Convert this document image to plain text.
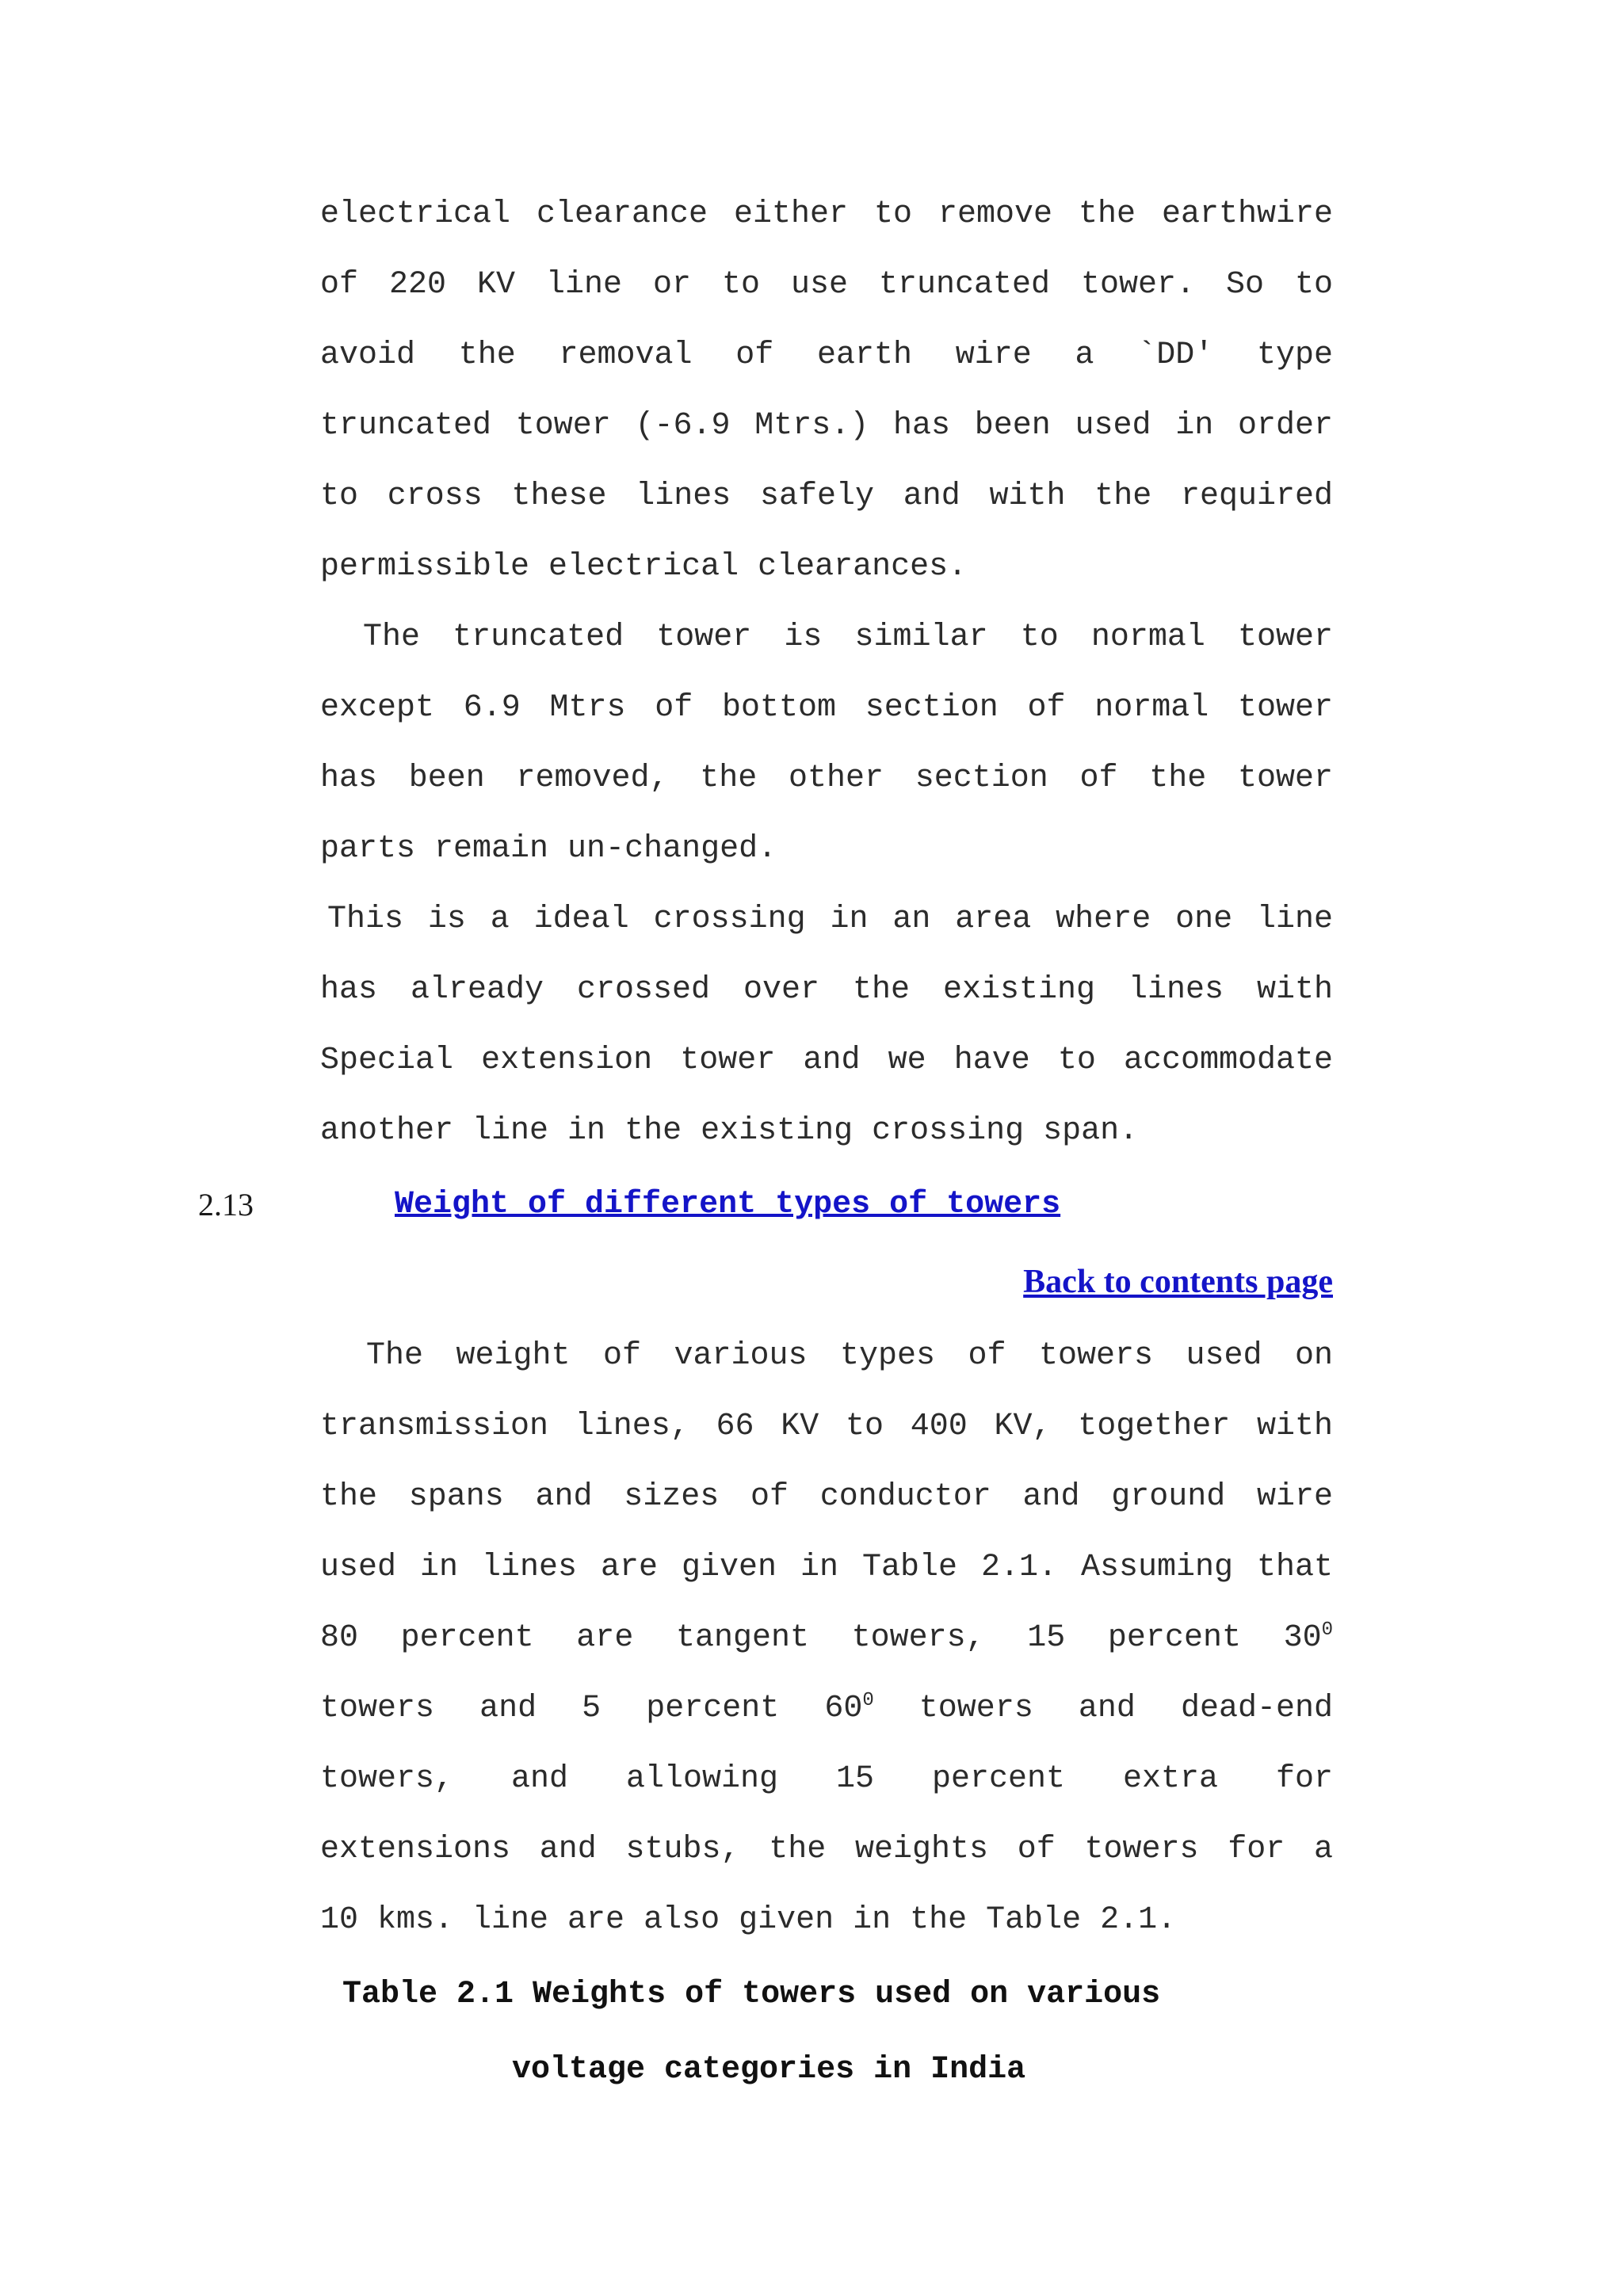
electrical clearance either to remove the earthwire
of 220 KV line or to use truncated tower. So to
avoid the removal of earth wire a `DD' type
truncated tower (-6.9 Mtrs.) has been used in order
to cross these lines safely and with the required
permissible electrical clearances.
The truncated tower is similar to normal tower
except 6.9 Mtrs of bottom section of normal tower
has been removed, the other section of the tower
parts remain un-changed.
This is a ideal crossing in an area where one line
has already crossed over the existing lines with
Special extension tower and we have to accommodate
another line in the existing crossing span.
2.13	Weight of different types of towers
Back to contents page
The weight of various types of towers used on
transmission lines, 66 KV to 400 KV, together with
the spans and sizes of conductor and ground wire
used in lines are given in Table 2.1. Assuming that
80 percent are tangent towers, 15 percent $30^0$
towers and 5 percent $60^0$ towers and dead-end
towers, and allowing 15 percent extra for
extensions and stubs, the weights of towers for a
10 kms. line are also given in the Table 2.1.
Table 2.1 Weights of towers used on various
voltage categories in India
